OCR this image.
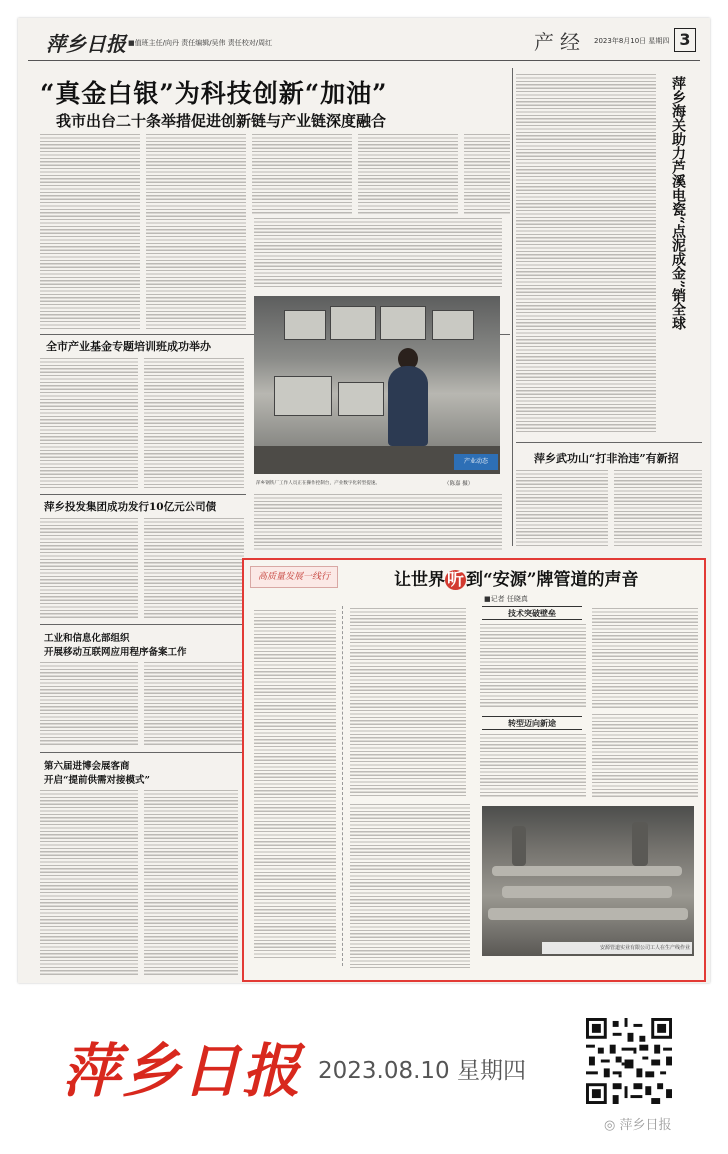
萍乡日报 ■值班主任/向丹 责任编辑/吴伟 责任校对/周红	产经 2023年8月10日 星期四 3
“真金白银”为科技创新“加油”
我市出台二十条举措促进创新链与产业链深度融合
全市产业基金专题培训班成功举办
萍乡投发集团成功发行10亿元公司债
工业和信息化部组织
开展移动互联网应用程序备案工作
第六届进博会展客商
开启“提前供需对接模式”
产业动态
萍乡钢铁厂工作人员正在操作控制台，产业数字化转型提速。	（陈嘉 摄）
萍乡海关助力芦溪电瓷“点泥成金”销全球
萍乡武功山“打非治违”有新招
高质量发展一线行	让世界 听 到“安源”牌管道的声音
■记者 任晓真
技术突破壁垒
转型迈向新途
安源管道实业有限公司工人在生产线作业
萍乡日报 2023.08.10 星期四
◎ 萍乡日报
